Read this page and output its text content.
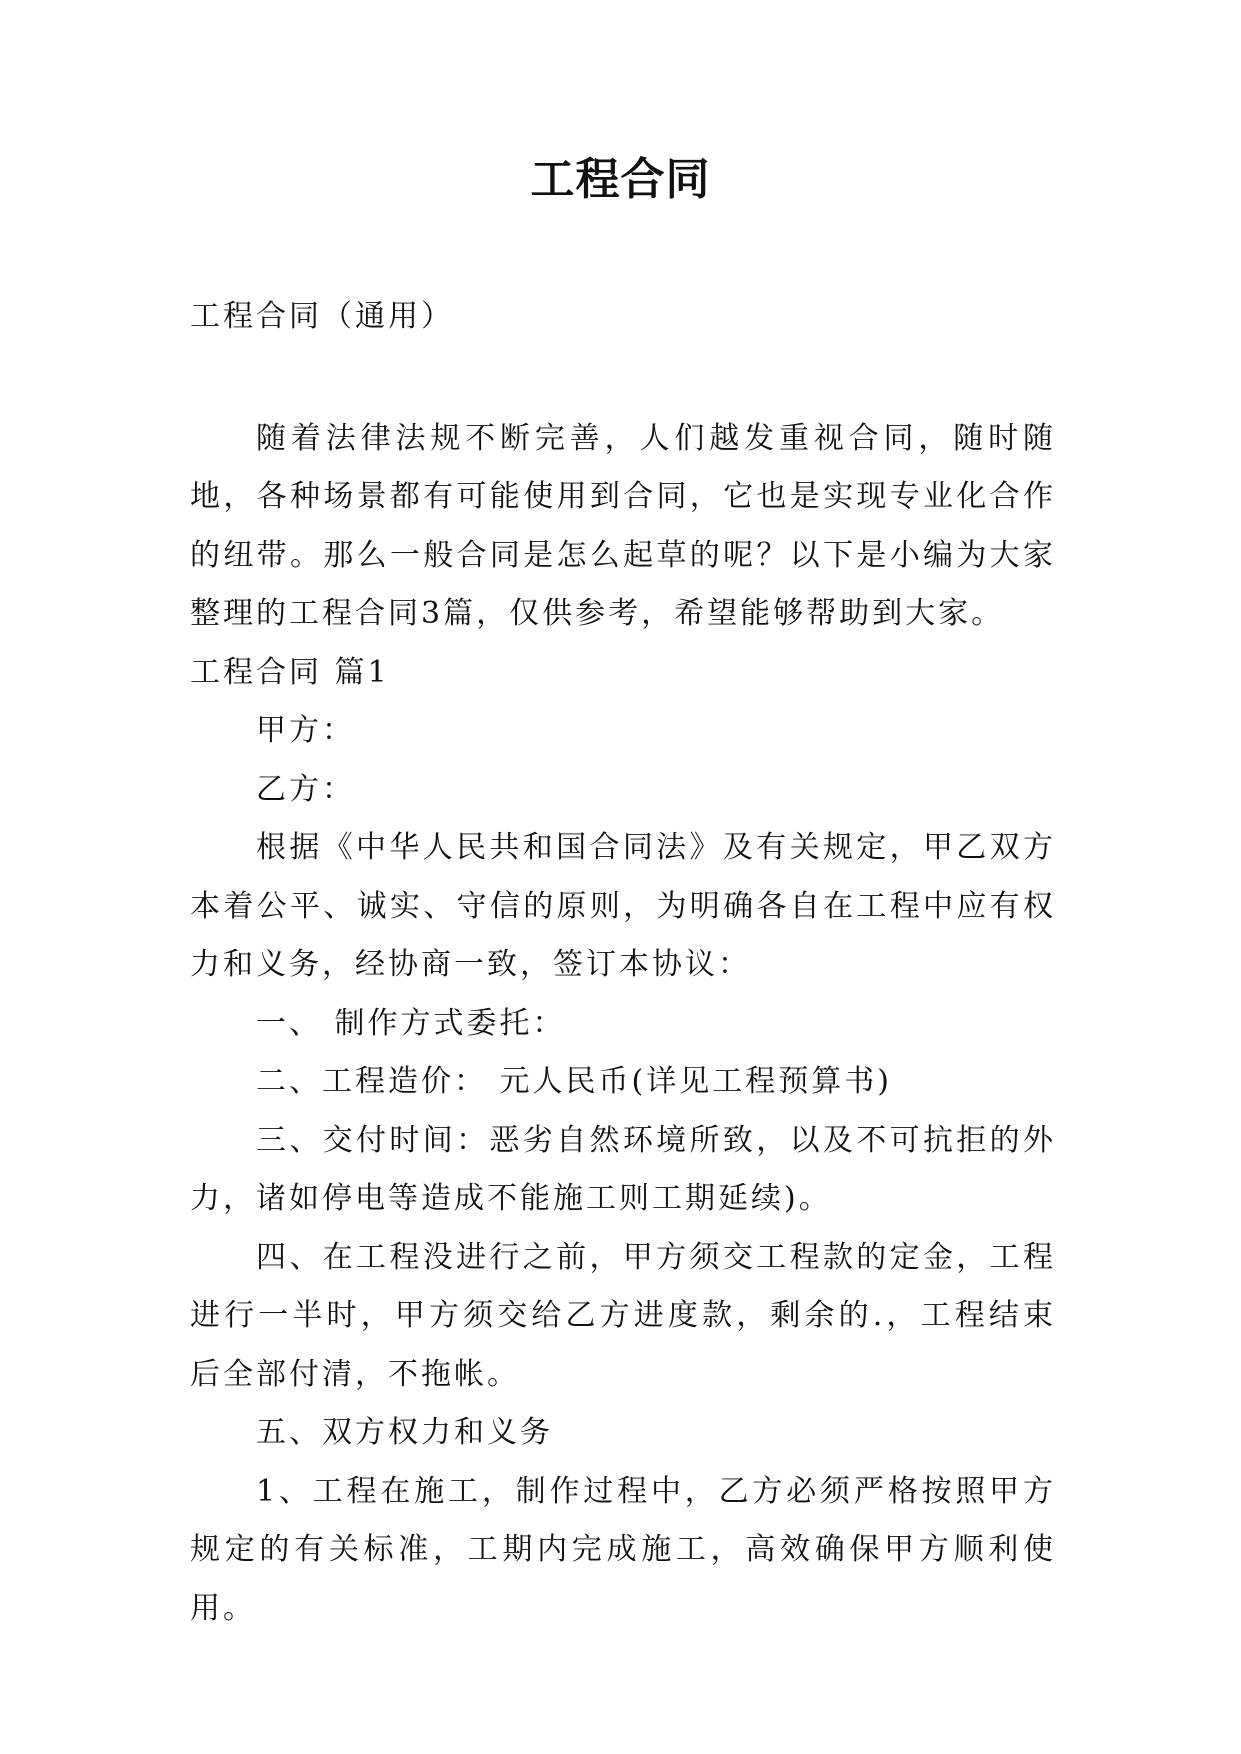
工程合同

工程合同（通用）

随着法律法规不断完善，人们越发重视合同，随时随地，各种场景都有可能使用到合同，它也是实现专业化合作的纽带。那么一般合同是怎么起草的呢？以下是小编为大家整理的工程合同3篇，仅供参考，希望能够帮助到大家。

工程合同 篇1

甲方：

乙方：

根据《中华人民共和国合同法》及有关规定，甲乙双方本着公平、诚实、守信的原则，为明确各自在工程中应有权力和义务，经协商一致，签订本协议：

一、 制作方式委托：

二、工程造价： 元人民币(详见工程预算书)

三、交付时间：恶劣自然环境所致，以及不可抗拒的外力，诸如停电等造成不能施工则工期延续)。

四、在工程没进行之前，甲方须交工程款的定金，工程进行一半时，甲方须交给乙方进度款，剩余的.，工程结束后全部付清，不拖帐。

五、双方权力和义务

1、工程在施工，制作过程中，乙方必须严格按照甲方规定的有关标准，工期内完成施工，高效确保甲方顺利使用。
